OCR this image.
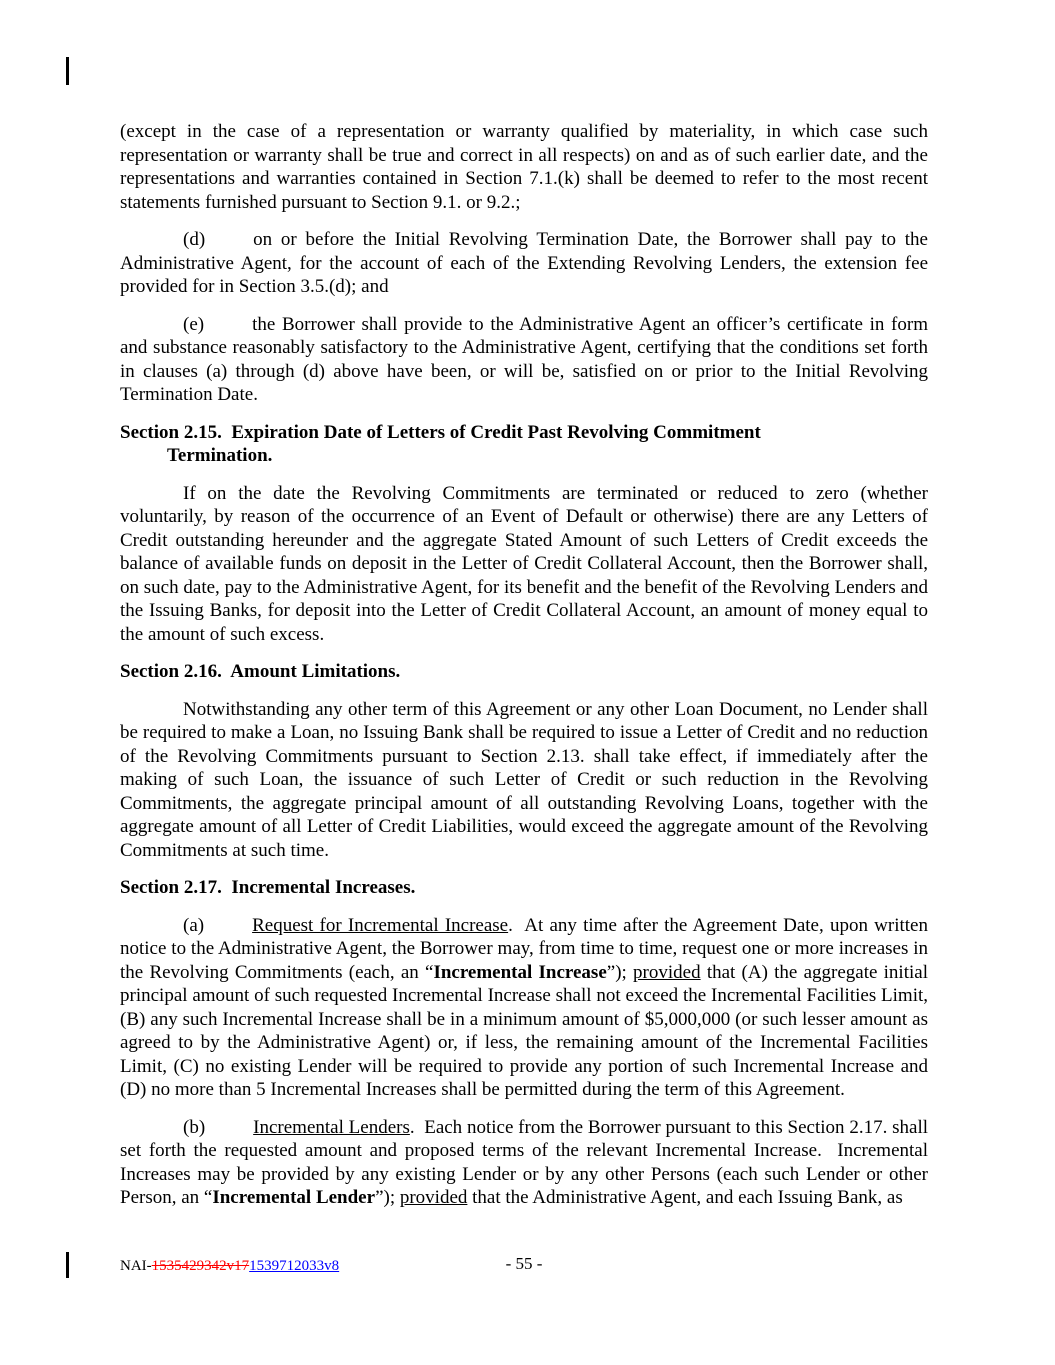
(except in the case of a representation or warranty qualified by materiality, in which case such representation or warranty shall be true and correct in all respects) on and as of such earlier date, and the representations and warranties contained in Section 7.1.(k) shall be deemed to refer to the most recent statements furnished pursuant to Section 9.1. or 9.2.;

(d)	on or before the Initial Revolving Termination Date, the Borrower shall pay to the Administrative Agent, for the account of each of the Extending Revolving Lenders, the extension fee provided for in Section 3.5.(d); and

(e)	the Borrower shall provide to the Administrative Agent an officer’s certificate in form and substance reasonably satisfactory to the Administrative Agent, certifying that the conditions set forth in clauses (a) through (d) above have been, or will be, satisfied on or prior to the Initial Revolving Termination Date.

Section 2.15.  Expiration Date of Letters of Credit Past Revolving Commitment
Termination.

If on the date the Revolving Commitments are terminated or reduced to zero (whether voluntarily, by reason of the occurrence of an Event of Default or otherwise) there are any Letters of Credit outstanding hereunder and the aggregate Stated Amount of such Letters of Credit exceeds the balance of available funds on deposit in the Letter of Credit Collateral Account, then the Borrower shall, on such date, pay to the Administrative Agent, for its benefit and the benefit of the Revolving Lenders and the Issuing Banks, for deposit into the Letter of Credit Collateral Account, an amount of money equal to the amount of such excess.

Section 2.16.  Amount Limitations.

Notwithstanding any other term of this Agreement or any other Loan Document, no Lender shall be required to make a Loan, no Issuing Bank shall be required to issue a Letter of Credit and no reduction of the Revolving Commitments pursuant to Section 2.13. shall take effect, if immediately after the making of such Loan, the issuance of such Letter of Credit or such reduction in the Revolving Commitments, the aggregate principal amount of all outstanding Revolving Loans, together with the aggregate amount of all Letter of Credit Liabilities, would exceed the aggregate amount of the Revolving Commitments at such time.

Section 2.17.  Incremental Increases.

(a)	Request for Incremental Increase.  At any time after the Agreement Date, upon written notice to the Administrative Agent, the Borrower may, from time to time, request one or more increases in the Revolving Commitments (each, an “Incremental Increase”); provided that (A) the aggregate initial principal amount of such requested Incremental Increase shall not exceed the Incremental Facilities Limit, (B) any such Incremental Increase shall be in a minimum amount of $5,000,000 (or such lesser amount as agreed to by the Administrative Agent) or, if less, the remaining amount of the Incremental Facilities Limit, (C) no existing Lender will be required to provide any portion of such Incremental Increase and (D) no more than 5 Incremental Increases shall be permitted during the term of this Agreement.

(b)	Incremental Lenders.  Each notice from the Borrower pursuant to this Section 2.17. shall set forth the requested amount and proposed terms of the relevant Incremental Increase.  Incremental Increases may be provided by any existing Lender or by any other Persons (each such Lender or other Person, an “Incremental Lender”); provided that the Administrative Agent, and each Issuing Bank, as

NAI-1535429342v171539712033v8	- 55 -
